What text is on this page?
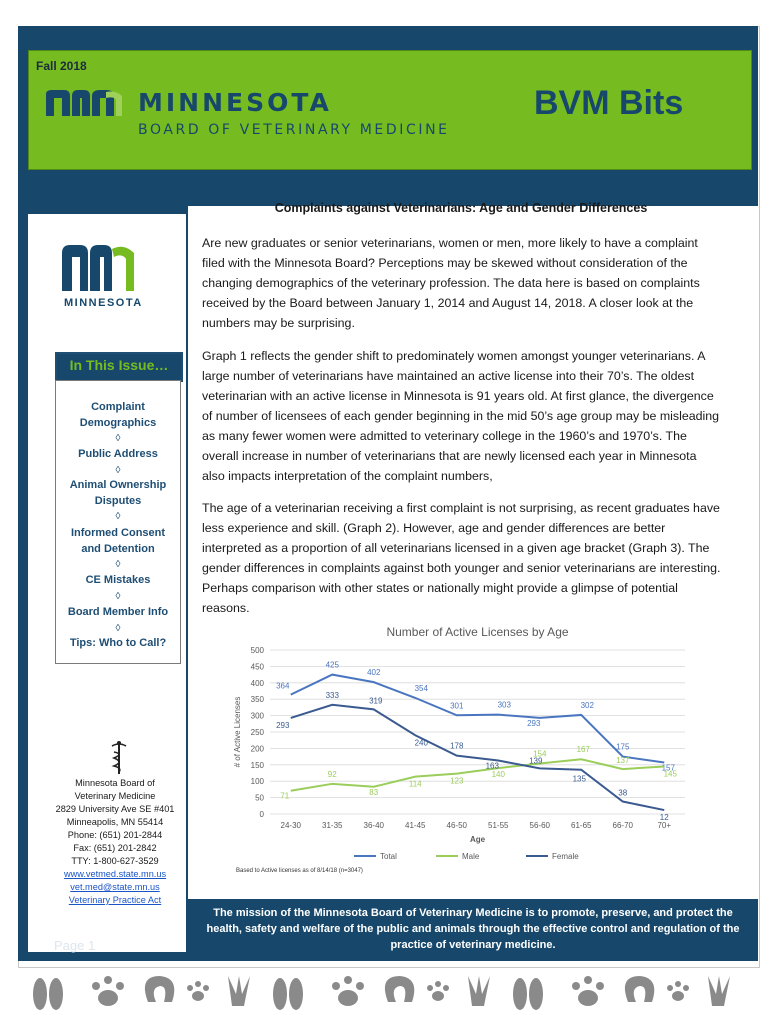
Fall 2018
MINNESOTA
BOARD OF VETERINARY MEDICINE
BVM Bits
MINNESOTA
In This Issue…
Complaint
Demographics
◊
Public Address
◊
Animal Ownership
Disputes
◊
Informed Consent
and Detention
◊
CE Mistakes
◊
Board Member Info
◊
Tips: Who to Call?
Minnesota Board of
Veterinary Medicine
2829 University Ave SE #401
Minneapolis, MN 55414
Phone: (651) 201-2844
Fax: (651) 201-2842
TTY: 1-800-627-3529
www.vetmed.state.mn.us
vet.med@state.mn.us
Veterinary Practice Act
Page 1
Complaints against Veterinarians: Age and Gender Differences
Are new graduates or senior veterinarians, women or men, more likely to have a complaint filed with the Minnesota Board? Perceptions may be skewed without consideration of the changing demographics of the veterinary profession. The data here is based on complaints received by the Board between January 1, 2014 and August 14, 2018. A closer look at the numbers may be surprising.
Graph 1 reflects the gender shift to predominately women amongst younger veterinarians. A large number of veterinarians have maintained an active license into their 70’s. The oldest veterinarian with an active license in Minnesota is 91 years old. At first glance, the divergence of number of licensees of each gender beginning in the mid 50’s age group may be misleading as many fewer women were admitted to veterinary college in the 1960’s and 1970’s. The overall increase in number of veterinarians that are newly licensed each year in Minnesota also impacts interpretation of the complaint numbers,
The age of a veterinarian receiving a first complaint is not surprising, as recent graduates have less experience and skill. (Graph 2). However, age and gender differences are better interpreted as a proportion of all veterinarians licensed in a given age bracket (Graph 3). The gender differences in complaints against both younger and senior veterinarians are interesting. Perhaps comparison with other states or nationally might provide a glimpse of potential reasons.
Number of Active Licenses by Age
0
50
100
150
200
250
300
350
400
450
500
24-30	31-35	36-40	41-45	46-50	51-55	56-60	61-65	66-70	70+
Age
# of Active Licenses
364
425
402
354
301	303
293
302
175
157
71
92
83
114	123
140
154	167
137
145
293
333
319
240	178
163
139
135
38
12
Total	Male	Female
Based to Active licenses as of 8/14/18 (n=3047)

The mission of the Minnesota Board of Veterinary Medicine is to promote, preserve, and protect the health, safety and welfare of the public and animals through the effective control and regulation of the practice of veterinary medicine.
